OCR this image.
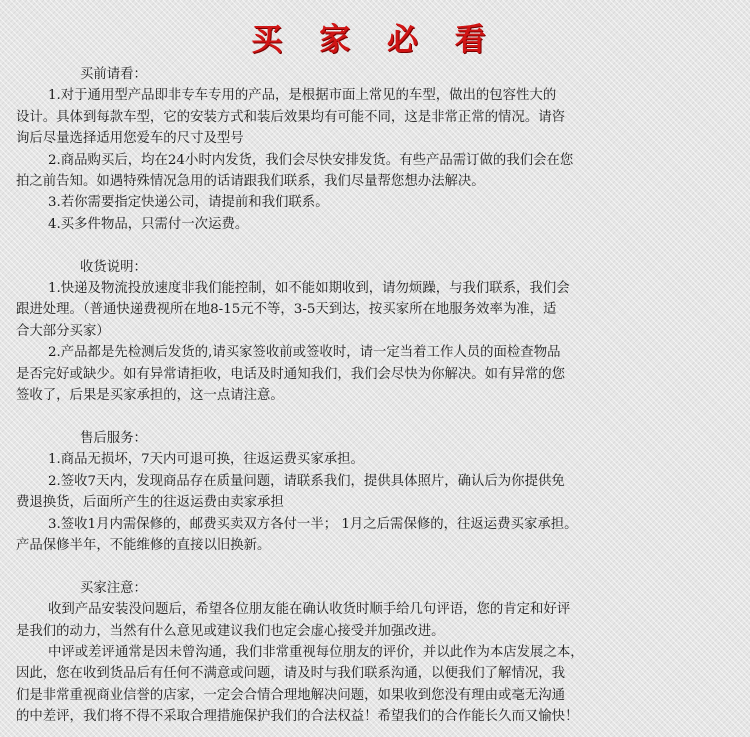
买 家 必 看

买前请看：

1.对于通用型产品即非专车专用的产品，是根据市面上常见的车型，做出的包容性大的
设计。具体到每款车型，它的安装方式和装后效果均有可能不同，这是非常正常的情况。请咨
询后尽量选择适用您爱车的尺寸及型号

2.商品购买后，均在24小时内发货，我们会尽快安排发货。有些产品需订做的我们会在您
拍之前告知。如遇特殊情况急用的话请跟我们联系，我们尽量帮您想办法解决。

3.若你需要指定快递公司，请提前和我们联系。

4.买多件物品，只需付一次运费。

收货说明：

1.快递及物流投放速度非我们能控制，如不能如期收到，请勿烦躁，与我们联系，我们会
跟进处理。（普通快递费视所在地8-15元不等，3-5天到达，按买家所在地服务效率为准，适
合大部分买家）

2.产品都是先检测后发货的,请买家签收前或签收时，请一定当着工作人员的面检查物品
是否完好或缺少。如有异常请拒收，电话及时通知我们，我们会尽快为你解决。如有异常的您
签收了，后果是买家承担的，这一点请注意。

售后服务：

1.商品无损坏，7天内可退可换，往返运费买家承担。

2.签收7天内，发现商品存在质量问题，请联系我们，提供具体照片，确认后为你提供免
费退换货，后面所产生的往返运费由卖家承担

3.签收1月内需保修的，邮费买卖双方各付一半； 1月之后需保修的，往返运费买家承担。
产品保修半年，不能维修的直接以旧换新。

买家注意：

收到产品安装没问题后，希望各位朋友能在确认收货时顺手给几句评语，您的肯定和好评
是我们的动力，当然有什么意见或建议我们也定会虚心接受并加强改进。

中评或差评通常是因未曾沟通，我们非常重视每位朋友的评价，并以此作为本店发展之本，
因此，您在收到货品后有任何不满意或问题，请及时与我们联系沟通，以便我们了解情况，我
们是非常重视商业信誉的店家，一定会合情合理地解决问题，如果收到您没有理由或毫无沟通
的中差评，我们将不得不采取合理措施保护我们的合法权益！希望我们的合作能长久而又愉快！
